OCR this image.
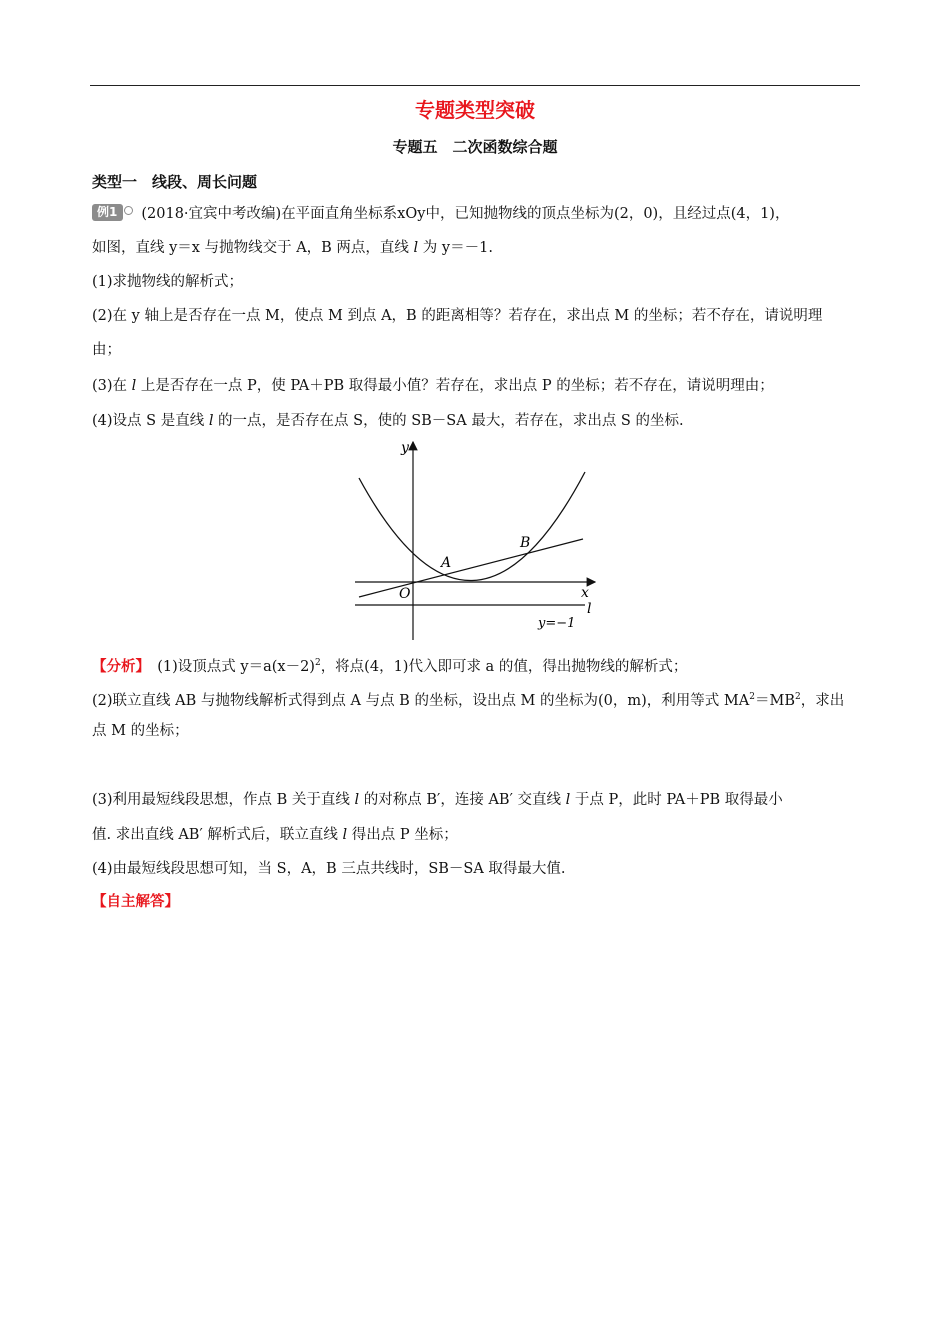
专题类型突破
专题五　二次函数综合题
类型一　线段、周长问题
例1 (2018·宜宾中考改编)在平面直角坐标系xOy中，已知抛物线的顶点坐标为(2，0)，且经过点(4，1)，
如图，直线 y＝x 与抛物线交于 A，B 两点，直线 l 为 y＝－1.
(1)求抛物线的解析式；
(2)在 y 轴上是否存在一点 M，使点 M 到点 A，B 的距离相等？若存在，求出点 M 的坐标；若不存在，请说明理
由；
(3)在 l 上是否存在一点 P，使 PA＋PB 取得最小值？若存在，求出点 P 的坐标；若不存在，请说明理由；
(4)设点 S 是直线 l 的一点，是否存在点 S，使的 SB－SA 最大，若存在，求出点 S 的坐标.
y
x
O
A
B
l
y=−1
【分析】　(1)设顶点式 $y=a(x-2)^2$，将点(4，1)代入即可求 a 的值，得出抛物线的解析式；
(2)联立直线 AB 与抛物线解析式得到点 A 与点 B 的坐标，设出点 M 的坐标为(0，m)，利用等式 $MA^2=MB^2$，求出
点 M 的坐标；
(3)利用最短线段思想，作点 B 关于直线 l 的对称点 B′，连接 AB′ 交直线 l 于点 P，此时 PA＋PB 取得最小
值. 求出直线 AB′ 解析式后，联立直线 l 得出点 P 坐标；
(4)由最短线段思想可知，当 S，A，B 三点共线时，SB－SA 取得最大值.
【自主解答】
